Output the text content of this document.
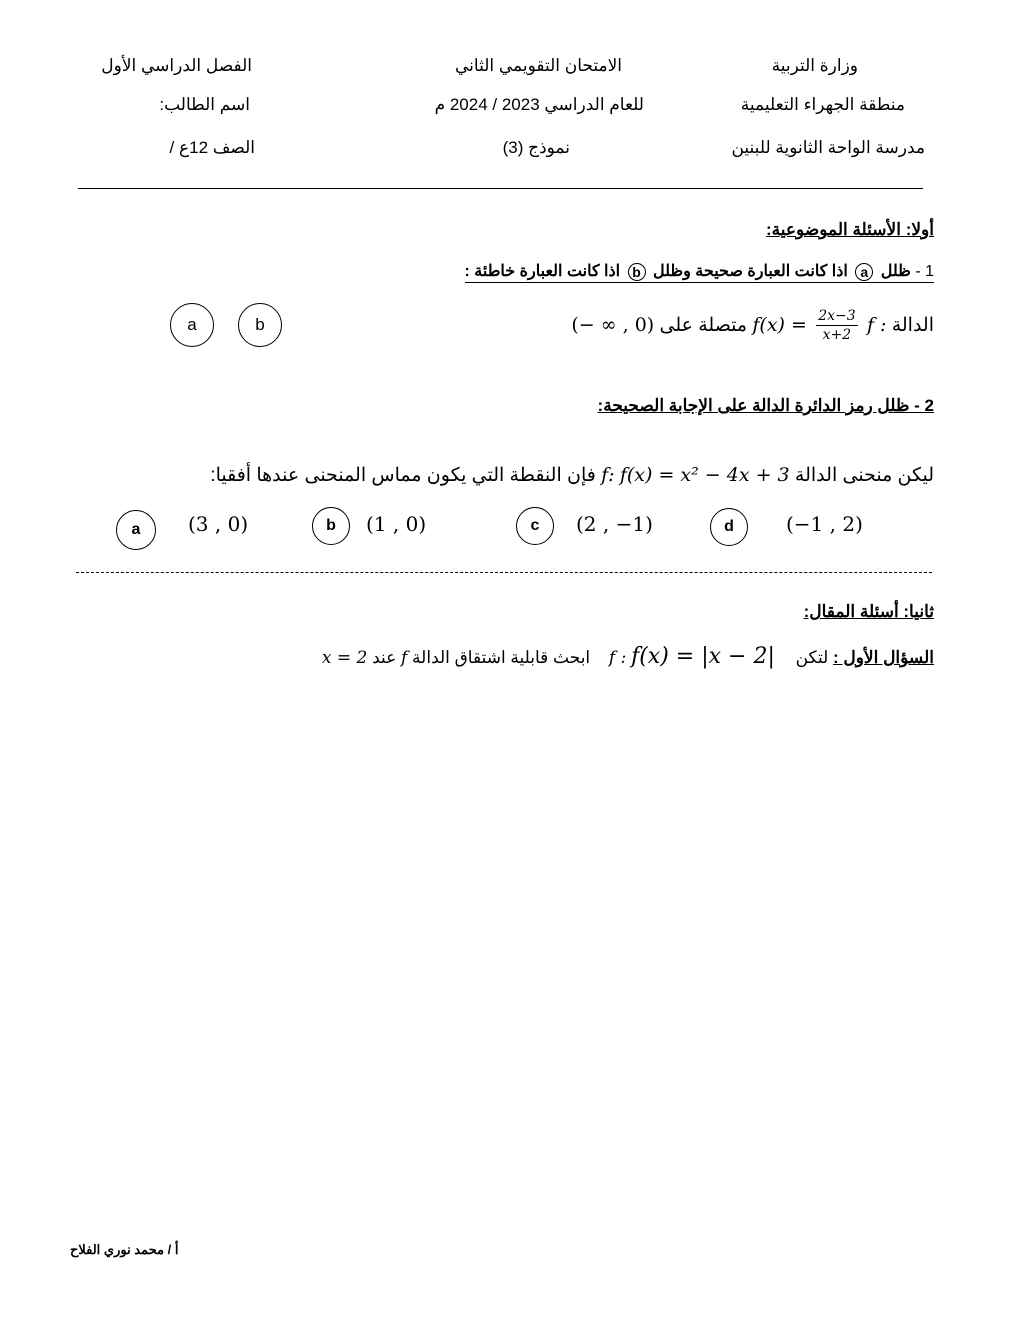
وزارة التربية
منطقة الجهراء التعليمية
مدرسة الواحة الثانوية للبنين
الامتحان التقويمي الثاني
للعام الدراسي 2023 / 2024 م
نموذج (3)
الفصل الدراسي الأول
اسم الطالب:
الصف 12ع /
أولا: الأسئلة الموضوعية:
1 - ظلل a اذا كانت العبارة صحيحة وظلل b اذا كانت العبارة خاطئة :
الدالة f : $f(x) = \frac{2x-3}{x+2}$
متصلة على (− ∞ , 0)
b
a
2 - ظلل رمز الدائرة الدالة على الإجابة الصحيحة:
ليكن منحنى الدالة f: f(x) = x² − 4x + 3 فإن النقطة التي يكون مماس المنحنى عندها أفقيا:
d	(−1 , 2)
c	(2 , −1)
b	(1 , 0)
a	(3 , 0)
ثانيا: أسئلة المقال:
السؤال الأول : لتكن f : f(x) = |x − 2| ابحث قابلية اشتقاق الدالة f عند x = 2
أ / محمد نوري الفلاح
